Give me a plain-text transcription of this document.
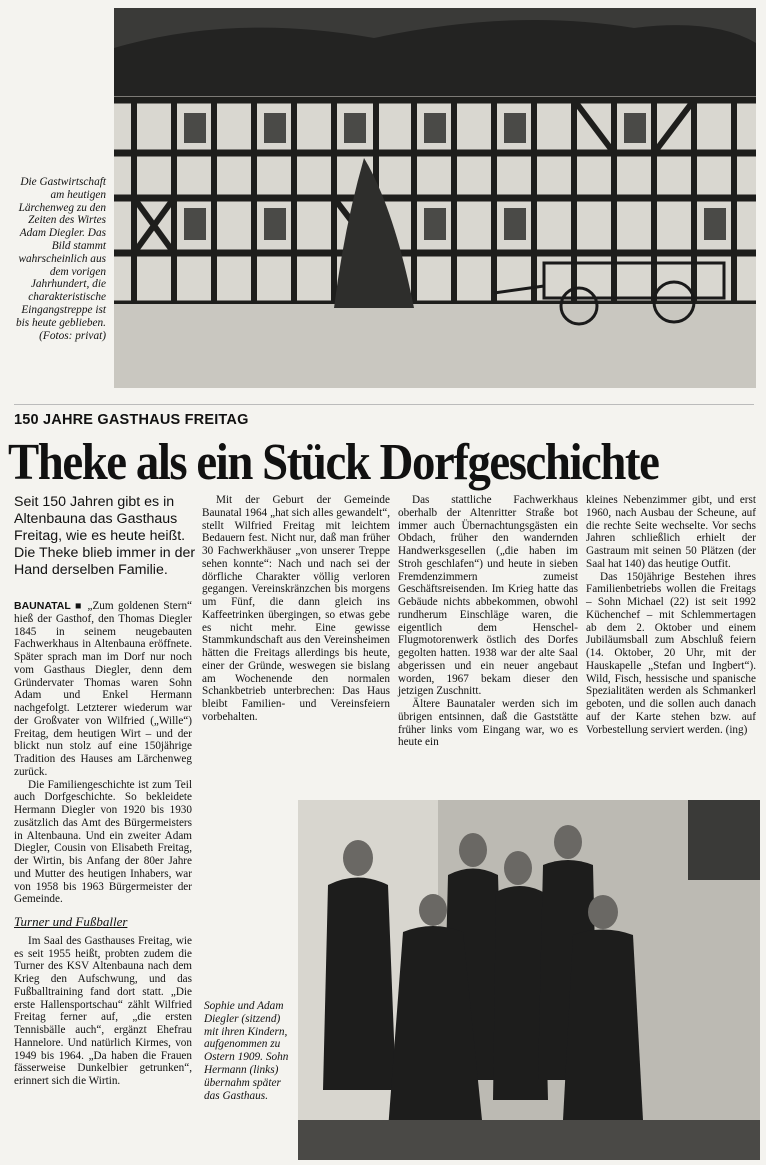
Die Gastwirtschaft am heutigen Lärchenweg zu den Zeiten des Wirtes Adam Diegler. Das Bild stammt wahrscheinlich aus dem vorigen Jahrhundert, die charakteristische Eingangstreppe ist bis heute geblieben. (Fotos: privat)
150 JAHRE GASTHAUS FREITAG
Theke als ein Stück Dorfgeschichte
Seit 150 Jahren gibt es in Altenbauna das Gasthaus Freitag, wie es heute heißt. Die Theke blieb immer in der Hand derselben Familie.

BAUNATAL ■ „Zum goldenen Stern“ hieß der Gasthof, den Thomas Diegler 1845 in seinem neugebauten Fachwerkhaus in Altenbauna eröffnete. Später sprach man im Dorf nur noch vom Gasthaus Diegler, denn dem Gründervater Thomas waren Sohn Adam und Enkel Hermann nachgefolgt. Letzterer wiederum war der Großvater von Wilfried („Wille“) Freitag, dem heutigen Wirt – und der blickt nun stolz auf eine 150jährige Tradition des Hauses am Lärchenweg zurück.

Die Familiengeschichte ist zum Teil auch Dorfgeschichte. So bekleidete Hermann Diegler von 1920 bis 1930 zusätzlich das Amt des Bürgermeisters in Altenbauna. Und ein zweiter Adam Diegler, Cousin von Elisabeth Freitag, der Wirtin, bis Anfang der 80er Jahre und Mutter des heutigen Inhabers, war von 1958 bis 1963 Bürgermeister der Gemeinde.

Turner und Fußballer

Im Saal des Gasthauses Freitag, wie es seit 1955 heißt, probten zudem die Turner des KSV Altenbauna nach dem Krieg den Aufschwung, und das Fußballtraining fand dort statt. „Die erste Hallensportschau“ zählt Wilfried Freitag ferner auf, „die ersten Tennisbälle auch“, ergänzt Ehefrau Hannelore. Und natürlich Kirmes, von 1949 bis 1964. „Da haben die Frauen fässerweise Dunkelbier getrunken“, erinnert sich die Wirtin.

Mit der Geburt der Gemeinde Baunatal 1964 „hat sich alles gewandelt“, stellt Wilfried Freitag mit leichtem Bedauern fest. Nicht nur, daß man früher 30 Fachwerkhäuser „von unserer Treppe sehen konnte“: Nach und nach sei der dörfliche Charakter völlig verloren gegangen. Vereinskränzchen bis morgens um Fünf, die dann gleich ins Kaffeetrinken übergingen, so etwas gebe es nicht mehr. Eine gewisse Stammkundschaft aus den Vereinsheimen hätten die Freitags allerdings bis heute, einer der Gründe, weswegen sie bislang am Wochenende den normalen Schankbetrieb unterbrechen: Das Haus bleibt Familien- und Vereinsfeiern vorbehalten.

Das stattliche Fachwerkhaus oberhalb der Altenritter Straße bot immer auch Übernachtungsgästen ein Obdach, früher den wandernden Handwerksgesellen („die haben im Stroh geschlafen“) und heute in sieben Fremdenzimmern zumeist Geschäftsreisenden. Im Krieg hatte das Gebäude nichts abbekommen, obwohl rundherum Einschläge waren, die eigentlich dem Henschel-Flugmotorenwerk östlich des Dorfes gegolten hatten. 1938 war der alte Saal abgerissen und ein neuer angebaut worden, 1967 bekam dieser den jetzigen Zuschnitt.

Ältere Baunataler werden sich im übrigen entsinnen, daß die Gaststätte früher links vom Eingang war, wo es heute ein

kleines Nebenzimmer gibt, und erst 1960, nach Ausbau der Scheune, auf die rechte Seite wechselte. Vor sechs Jahren schließlich erhielt der Gastraum mit seinen 50 Plätzen (der Saal hat 140) das heutige Outfit.

Das 150jährige Bestehen ihres Familienbetriebs wollen die Freitags – Sohn Michael (22) ist seit 1992 Küchenchef – mit Schlemmertagen ab dem 2. Oktober und einem Jubiläumsball zum Abschluß feiern (14. Oktober, 20 Uhr, mit der Hauskapelle „Stefan und Ingbert“). Wild, Fisch, hessische und spanische Spezialitäten werden als Schmankerl geboten, und die sollen auch danach auf der Karte stehen bzw. auf Vorbestellung serviert werden. (ing)

Sophie und Adam Diegler (sitzend) mit ihren Kindern, aufgenommen zu Ostern 1909. Sohn Hermann (links) übernahm später das Gasthaus.
